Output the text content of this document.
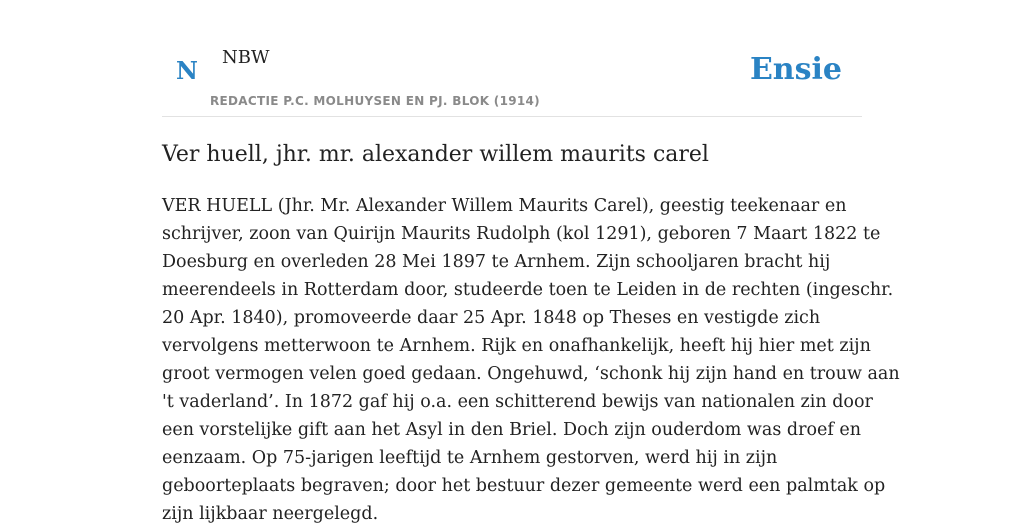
N NBW
REDACTIE P.C. MOLHUYSEN EN PJ. BLOK (1914)
Ensie
Ver huell, jhr. mr. alexander willem maurits carel
VER HUELL (Jhr. Mr. Alexander Willem Maurits Carel), geestig teekenaar en
schrijver, zoon van Quirijn Maurits Rudolph (kol 1291), geboren 7 Maart 1822 te
Doesburg en overleden 28 Mei 1897 te Arnhem. Zijn schooljaren bracht hij
meerendeels in Rotterdam door, studeerde toen te Leiden in de rechten (ingeschr.
20 Apr. 1840), promoveerde daar 25 Apr. 1848 op Theses en vestigde zich
vervolgens metterwoon te Arnhem. Rijk en onafhankelijk, heeft hij hier met zijn
groot vermogen velen goed gedaan. Ongehuwd, ‘schonk hij zijn hand en trouw aan
't vaderland’. In 1872 gaf hij o.a. een schitterend bewijs van nationalen zin door
een vorstelijke gift aan het Asyl in den Briel. Doch zijn ouderdom was droef en
eenzaam. Op 75-jarigen leeftijd te Arnhem gestorven, werd hij in zijn
geboorteplaats begraven; door het bestuur dezer gemeente werd een palmtak op
zijn lijkbaar neergelegd.
